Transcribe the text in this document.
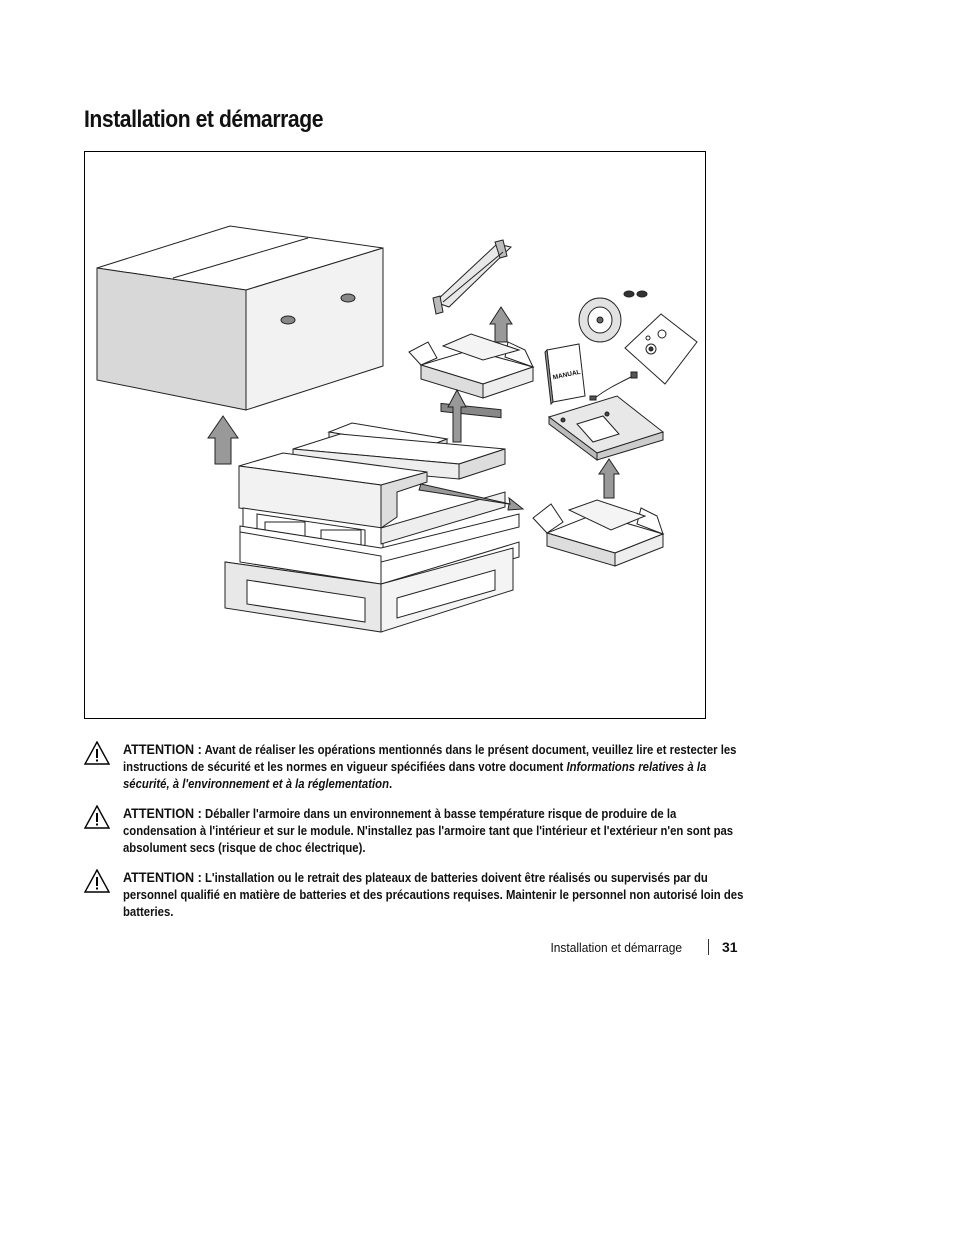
Installation et démarrage
MANUAL
ATTENTION : Avant de réaliser les opérations mentionnés dans le présent document, veuillez lire et restecter les instructions de sécurité et les normes en vigueur spécifiées dans votre document Informations relatives à la sécurité, à l'environnement et à la réglementation.
ATTENTION : Déballer l'armoire dans un environnement à basse température risque de produire de la condensation à l'intérieur et sur le module. N'installez pas l'armoire tant que l'intérieur et l'extérieur n'en sont pas absolument secs (risque de choc électrique).
ATTENTION : L'installation ou le retrait des plateaux de batteries doivent être réalisés ou supervisés par du personnel qualifié en matière de batteries et des précautions requises. Maintenir le personnel non autorisé loin des batteries.
Installation et démarrage	31
